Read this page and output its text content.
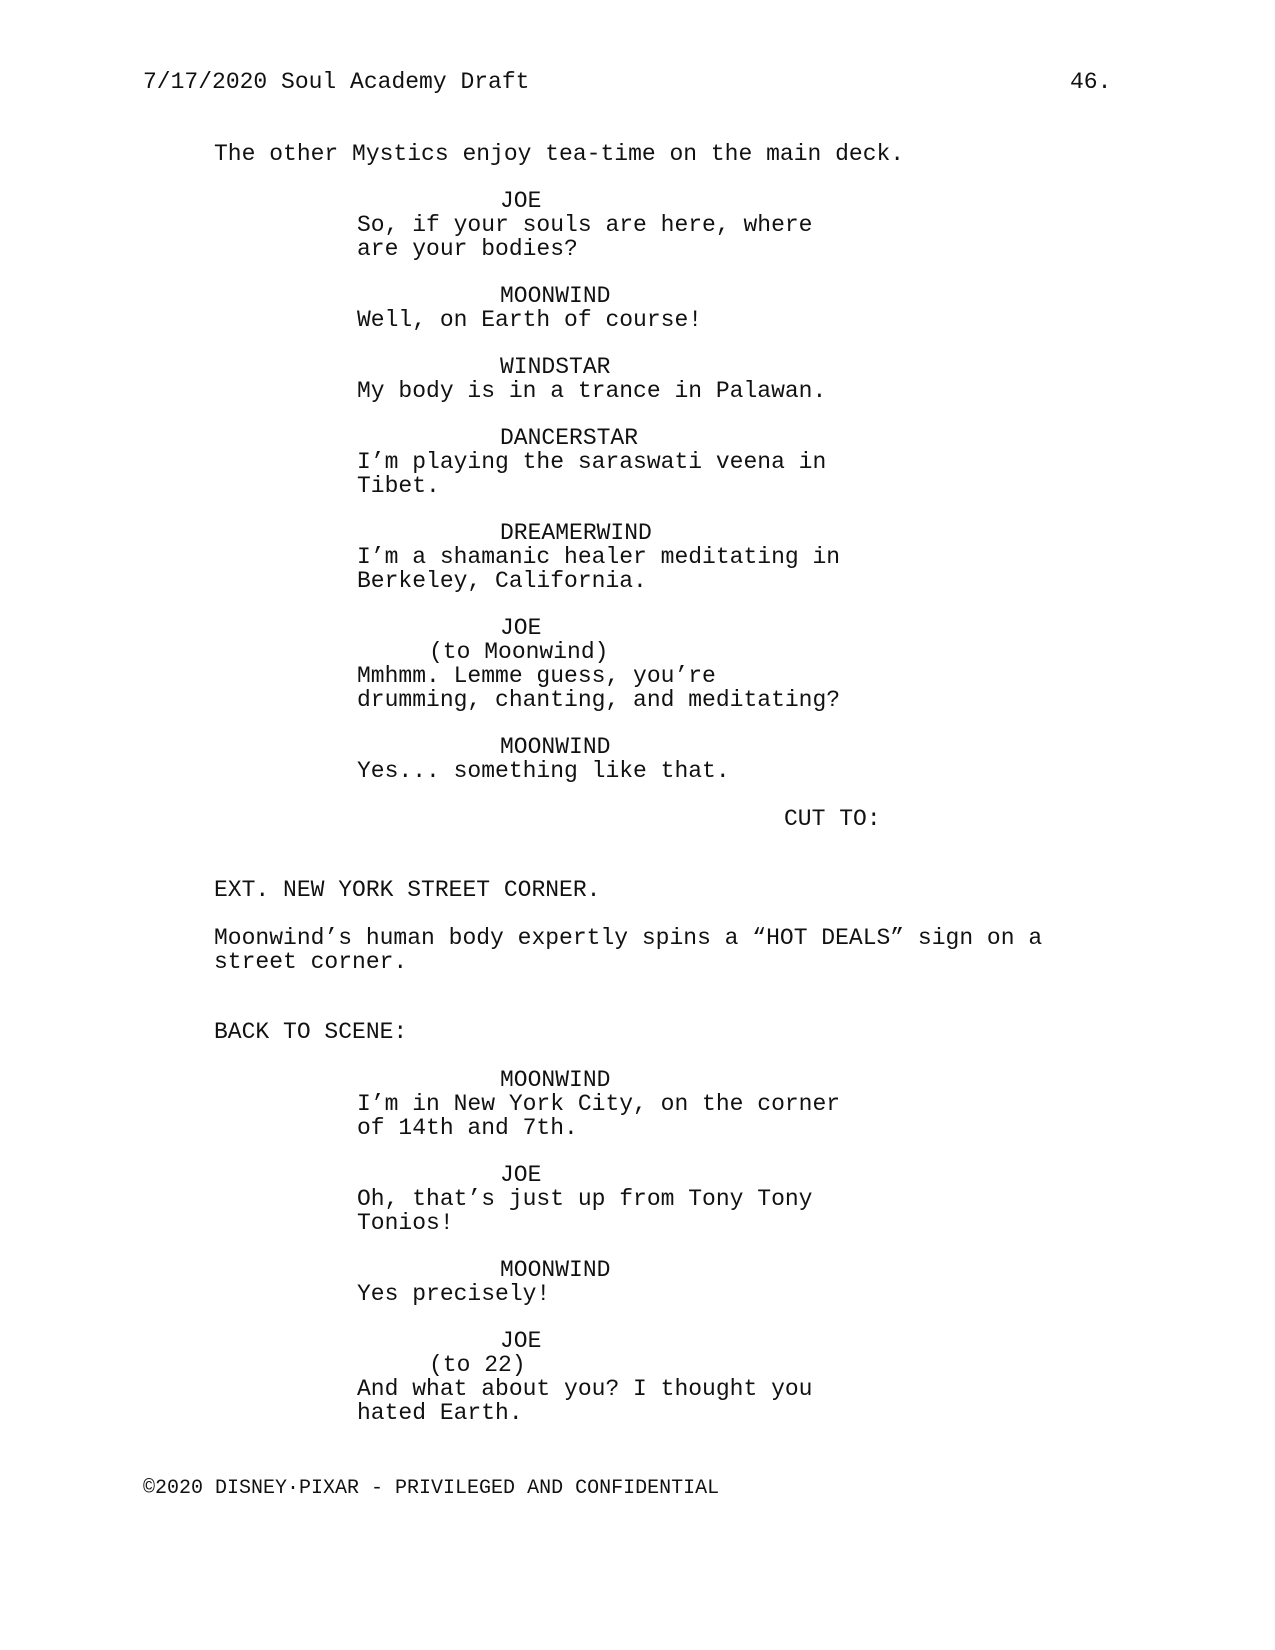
7/17/2020 Soul Academy Draft	46.
The other Mystics enjoy tea-time on the main deck.
JOE
So, if your souls are here, where
are your bodies?
MOONWIND
Well, on Earth of course!
WINDSTAR
My body is in a trance in Palawan.
DANCERSTAR
I’m playing the saraswati veena in
Tibet.
DREAMERWIND
I’m a shamanic healer meditating in
Berkeley, California.
JOE
(to Moonwind)
Mmhmm. Lemme guess, you’re
drumming, chanting, and meditating?
MOONWIND
Yes... something like that.
CUT TO:
EXT. NEW YORK STREET CORNER.
Moonwind’s human body expertly spins a “HOT DEALS” sign on a
street corner.
BACK TO SCENE:
MOONWIND
I’m in New York City, on the corner
of 14th and 7th.
JOE
Oh, that’s just up from Tony Tony
Tonios!
MOONWIND
Yes precisely!
JOE
(to 22)
And what about you? I thought you
hated Earth.
©2020 DISNEY·PIXAR - PRIVILEGED AND CONFIDENTIAL
